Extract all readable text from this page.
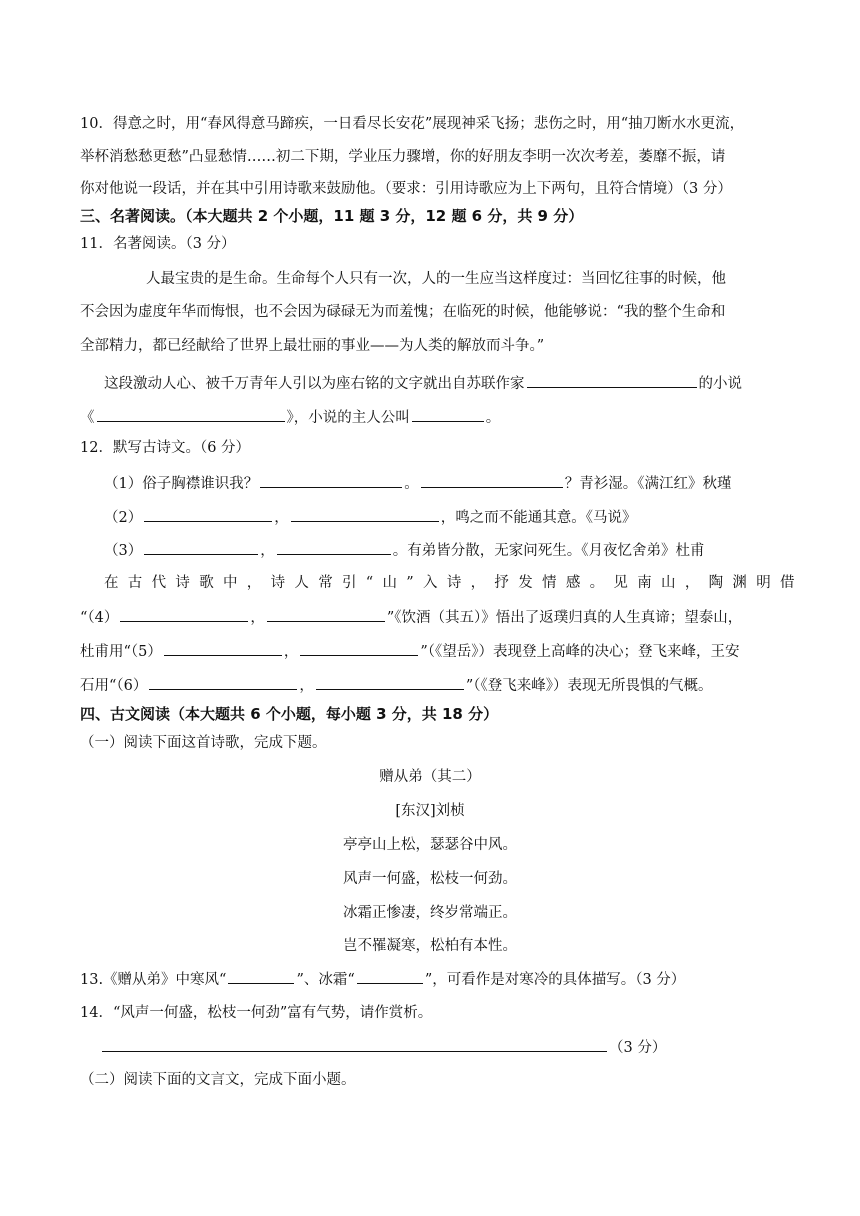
10．得意之时，用“春风得意马蹄疾，一日看尽长安花”展现神采飞扬；悲伤之时，用“抽刀断水水更流，
举杯消愁愁更愁”凸显愁情……初二下期，学业压力骤增，你的好朋友李明一次次考差，萎靡不振，请
你对他说一段话，并在其中引用诗歌来鼓励他。（要求：引用诗歌应为上下两句，且符合情境）（3 分）
三、名著阅读。（本大题共 2 个小题，11 题 3 分，12 题 6 分，共 9 分）
11．名著阅读。（3 分）
人最宝贵的是生命。生命每个人只有一次，人的一生应当这样度过：当回忆往事的时候，他
不会因为虚度年华而悔恨，也不会因为碌碌无为而羞愧；在临死的时候，他能够说：“我的整个生命和
全部精力，都已经献给了世界上最壮丽的事业——为人类的解放而斗争。”
这段激动人心、被千万青年人引以为座右铭的文字就出自苏联作家	的小说
《	》，小说的主人公叫	。
12．默写古诗文。（6 分）
（1）俗子胸襟谁识我？	。	？青衫湿。《满江红》秋瑾
（2）	，	，鸣之而不能通其意。《马说》
（3）	，	。有弟皆分散，无家问死生。《月夜忆舍弟》杜甫
在古代诗歌中，诗人常引“山”入诗，抒发情感。见南山，陶渊明借
“（4）	，	”《饮酒（其五）》悟出了返璞归真的人生真谛；望泰山，
杜甫用“（5）	，	”（《望岳》）表现登上高峰的决心；登飞来峰，王安
石用“（6）	，	”（《登飞来峰》）表现无所畏惧的气概。
四、古文阅读（本大题共 6 个小题，每小题 3 分，共 18 分）
（一）阅读下面这首诗歌，完成下题。
赠从弟（其二）
[东汉]刘桢
亭亭山上松，瑟瑟谷中风。
风声一何盛，松枝一何劲。
冰霜正惨凄，终岁常端正。
岂不罹凝寒，松柏有本性。
13.《赠从弟》中寒风“	”、冰霜“	”，可看作是对寒冷的具体描写。（3 分）
14．“风声一何盛，松枝一何劲”富有气势，请作赏析。
（3 分）
（二）阅读下面的文言文，完成下面小题。
